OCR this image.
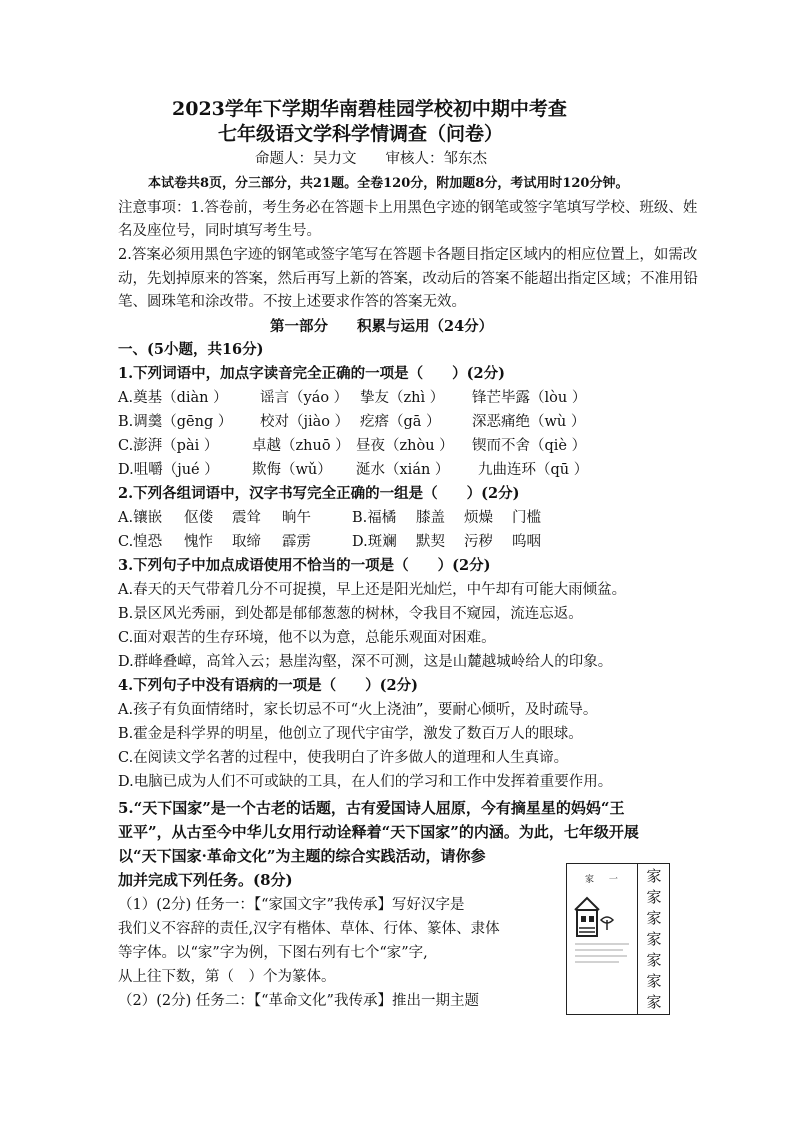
2023学年下学期华南碧桂园学校初中期中考查
七年级语文学科学情调查（问卷）
命题人：吴力文　　审核人：邹东杰
本试卷共8页，分三部分，共21题。全卷120分，附加题8分，考试用时120分钟。
注意事项：1.答卷前，考生务必在答题卡上用黑色字迹的钢笔或签字笔填写学校、班级、姓
名及座位号，同时填写考生号。
2.答案必须用黑色字迹的钢笔或签字笔写在答题卡各题目指定区域内的相应位置上，如需改
动，先划掉原来的答案，然后再写上新的答案，改动后的答案不能超出指定区域；不准用铅
笔、圆珠笔和涂改带。不按上述要求作答的答案无效。
第一部分　　积累与运用（24分）
一、(5小题，共16分)
1.下列词语中，加点字读音完全正确的一项是（　　）(2分)
A.奠基（diàn ） 谣言（yáo ） 挚友（zhì ） 锋芒毕露（lòu ）
B.调羹（gēng ） 校对（jiào ） 疙瘩（gā ） 深恶痛绝（wù ）
C.澎湃（pài ） 卓越（zhuō ） 昼夜（zhòu ） 锲而不舍（qiè ）
D.咀嚼（jué ） 欺侮（wǔ） 涎水（xián ） 九曲连环（qū ）
2.下列各组词语中，汉字书写完全正确的一组是（　　）(2分)
A.镶嵌 伛偻 震耸 晌午	B.福橘 膝盖 烦燥 门槛
C.惶恐 愧怍 取缔 霹雳	D.斑斓 默契 污秽 呜咽
3.下列句子中加点成语使用不恰当的一项是（　　）(2分)
A.春天的天气带着几分不可捉摸，早上还是阳光灿烂，中午却有可能大雨倾盆。
B.景区风光秀丽，到处都是郁郁葱葱的树林，令我目不窥园，流连忘返。
C.面对艰苦的生存环境，他不以为意，总能乐观面对困难。
D.群峰叠嶂，高耸入云；悬崖沟壑，深不可测，这是山麓越城岭给人的印象。
4.下列句子中没有语病的一项是（　　）(2分)
A.孩子有负面情绪时，家长切忌不可“火上浇油”，要耐心倾听，及时疏导。
B.霍金是科学界的明星，他创立了现代宇宙学，激发了数百万人的眼球。
C.在阅读文学名著的过程中，使我明白了许多做人的道理和人生真谛。
D.电脑已成为人们不可或缺的工具，在人们的学习和工作中发挥着重要作用。
5.“天下国家”是一个古老的话题，古有爱国诗人屈原，今有摘星星的妈妈“王
亚平”，从古至今中华儿女用行动诠释着“天下国家”的内涵。为此，七年级开展
以“天下国家·革命文化”为主题的综合实践活动，请你参
加并完成下列任务。(8分)
（1）(2分) 任务一：【“家国文字”我传承】写好汉字是
我们义不容辞的责任,汉字有楷体、草体、行体、篆体、隶体
等字体。以“家”字为例，下图右列有七个“家”字,
从上往下数，第（　）个为篆体。
（2）(2分) 任务二：【“革命文化”我传承】推出一期主题
家 一 家
家
家
家
家
家
家
